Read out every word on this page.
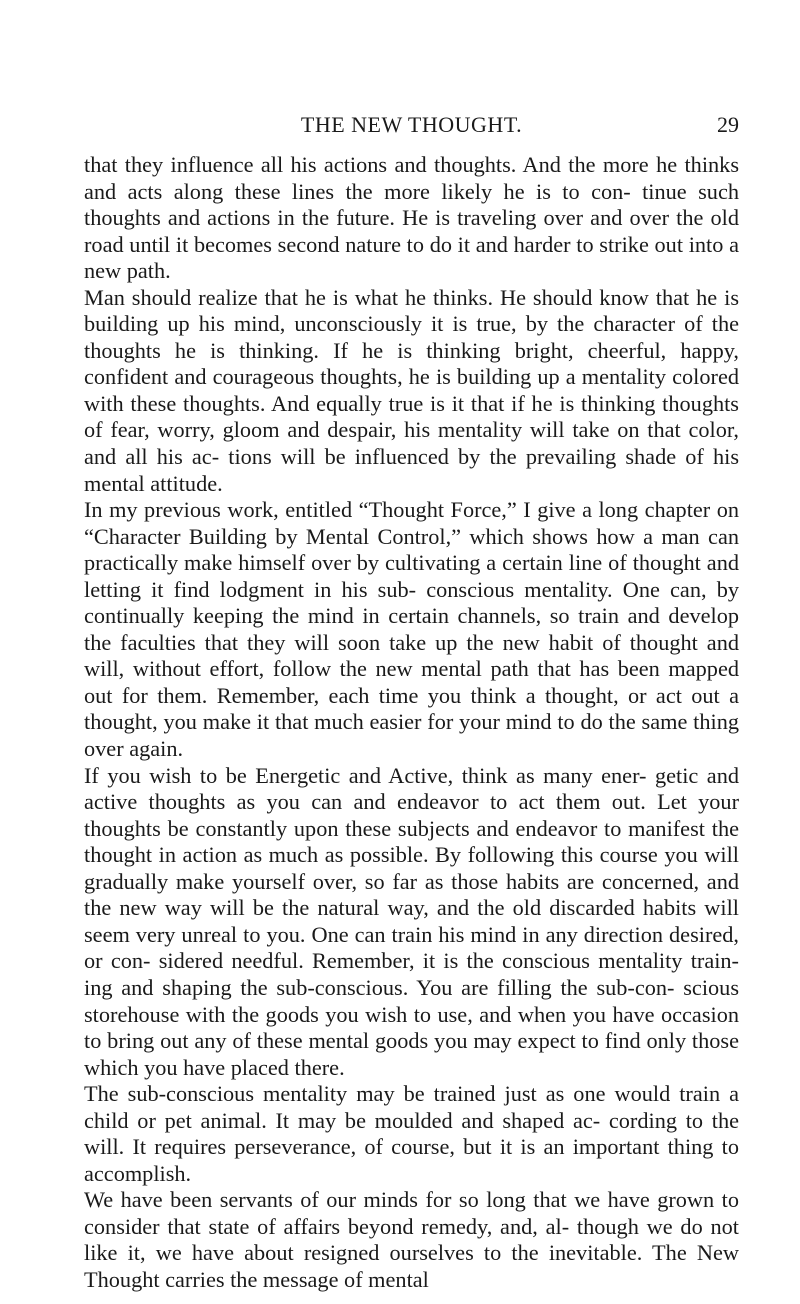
THE NEW THOUGHT.	29

that they influence all his actions and thoughts. And the more he thinks and acts along these lines the more likely he is to con- tinue such thoughts and actions in the future. He is traveling over and over the old road until it becomes second nature to do it and harder to strike out into a new path.

Man should realize that he is what he thinks. He should know that he is building up his mind, unconsciously it is true, by the character of the thoughts he is thinking. If he is thinking bright, cheerful, happy, confident and courageous thoughts, he is building up a mentality colored with these thoughts. And equally true is it that if he is thinking thoughts of fear, worry, gloom and despair, his mentality will take on that color, and all his ac- tions will be influenced by the prevailing shade of his mental attitude.

In my previous work, entitled “Thought Force,” I give a long chapter on “Character Building by Mental Control,” which shows how a man can practically make himself over by cultivating a certain line of thought and letting it find lodgment in his sub- conscious mentality. One can, by continually keeping the mind in certain channels, so train and develop the faculties that they will soon take up the new habit of thought and will, without effort, follow the new mental path that has been mapped out for them. Remember, each time you think a thought, or act out a thought, you make it that much easier for your mind to do the same thing over again.

If you wish to be Energetic and Active, think as many ener- getic and active thoughts as you can and endeavor to act them out. Let your thoughts be constantly upon these subjects and endeavor to manifest the thought in action as much as possible. By following this course you will gradually make yourself over, so far as those habits are concerned, and the new way will be the natural way, and the old discarded habits will seem very unreal to you. One can train his mind in any direction desired, or con- sidered needful. Remember, it is the conscious mentality train- ing and shaping the sub-conscious. You are filling the sub-con- scious storehouse with the goods you wish to use, and when you have occasion to bring out any of these mental goods you may expect to find only those which you have placed there.

The sub-conscious mentality may be trained just as one would train a child or pet animal. It may be moulded and shaped ac- cording to the will. It requires perseverance, of course, but it is an important thing to accomplish.

We have been servants of our minds for so long that we have grown to consider that state of affairs beyond remedy, and, al- though we do not like it, we have about resigned ourselves to the inevitable. The New Thought carries the message of mental
